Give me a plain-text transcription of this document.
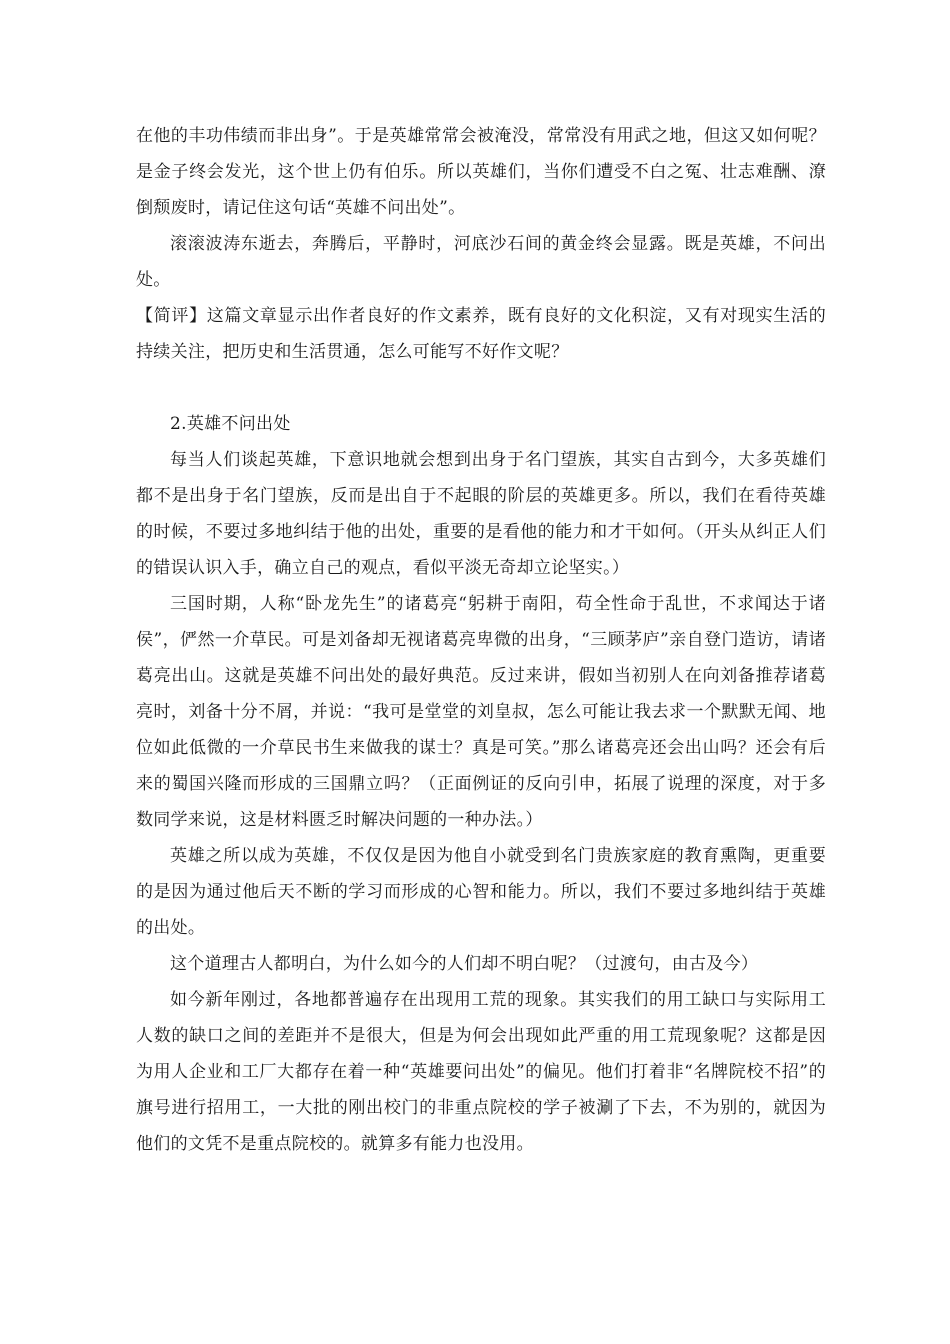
在他的丰功伟绩而非出身”。于是英雄常常会被淹没，常常没有用武之地，但这又如何呢？是金子终会发光，这个世上仍有伯乐。所以英雄们，当你们遭受不白之冤、壮志难酬、潦倒颓废时，请记住这句话“英雄不问出处”。

滚滚波涛东逝去，奔腾后，平静时，河底沙石间的黄金终会显露。既是英雄，不问出处。

【简评】这篇文章显示出作者良好的作文素养，既有良好的文化积淀，又有对现实生活的持续关注，把历史和生活贯通，怎么可能写不好作文呢？

2.英雄不问出处

每当人们谈起英雄，下意识地就会想到出身于名门望族，其实自古到今，大多英雄们都不是出身于名门望族，反而是出自于不起眼的阶层的英雄更多。所以，我们在看待英雄的时候，不要过多地纠结于他的出处，重要的是看他的能力和才干如何。（开头从纠正人们的错误认识入手，确立自己的观点，看似平淡无奇却立论坚实。）

三国时期，人称“卧龙先生”的诸葛亮“躬耕于南阳，苟全性命于乱世，不求闻达于诸侯”，俨然一介草民。可是刘备却无视诸葛亮卑微的出身，“三顾茅庐”亲自登门造访，请诸葛亮出山。这就是英雄不问出处的最好典范。反过来讲，假如当初别人在向刘备推荐诸葛亮时，刘备十分不屑，并说：“我可是堂堂的刘皇叔，怎么可能让我去求一个默默无闻、地位如此低微的一介草民书生来做我的谋士？真是可笑。”那么诸葛亮还会出山吗？还会有后来的蜀国兴隆而形成的三国鼎立吗？（正面例证的反向引申，拓展了说理的深度，对于多数同学来说，这是材料匮乏时解决问题的一种办法。）

英雄之所以成为英雄，不仅仅是因为他自小就受到名门贵族家庭的教育熏陶，更重要的是因为通过他后天不断的学习而形成的心智和能力。所以，我们不要过多地纠结于英雄的出处。

这个道理古人都明白，为什么如今的人们却不明白呢？（过渡句，由古及今）

如今新年刚过，各地都普遍存在出现用工荒的现象。其实我们的用工缺口与实际用工人数的缺口之间的差距并不是很大，但是为何会出现如此严重的用工荒现象呢？这都是因为用人企业和工厂大都存在着一种“英雄要问出处”的偏见。他们打着非“名牌院校不招”的旗号进行招用工，一大批的刚出校门的非重点院校的学子被涮了下去，不为别的，就因为他们的文凭不是重点院校的。就算多有能力也没用。
